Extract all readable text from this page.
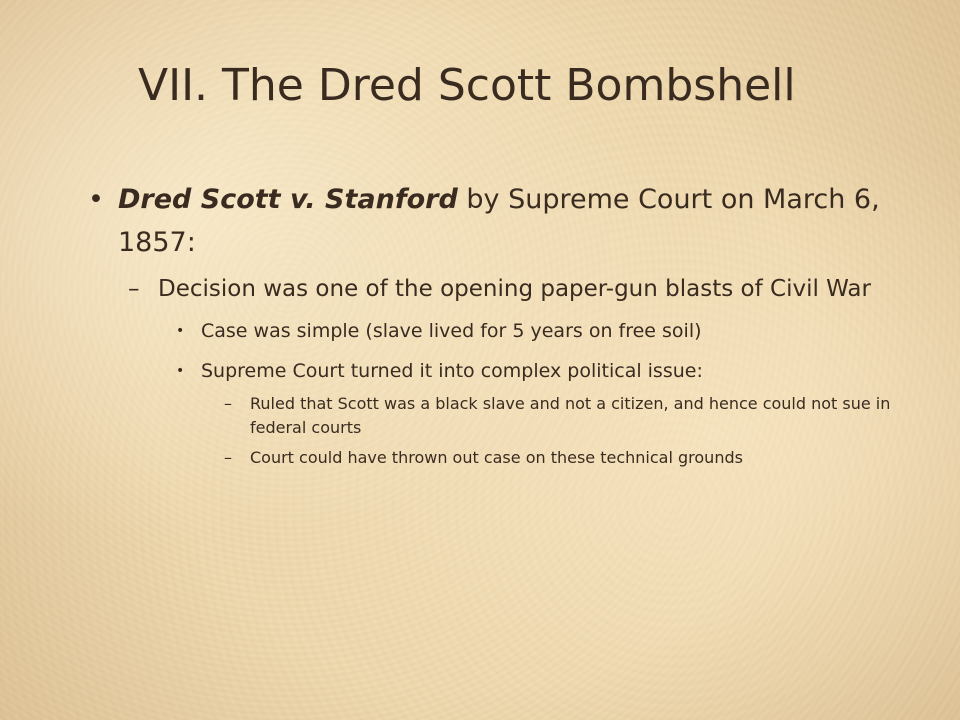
VII. The Dred Scott Bombshell
• Dred Scott v. Stanford by Supreme Court on March 6, 1857:
– Decision was one of the opening paper-gun blasts of Civil War
• Case was simple (slave lived for 5 years on free soil)
• Supreme Court turned it into complex political issue:
– Ruled that Scott was a black slave and not a citizen, and hence could not sue in federal courts
– Court could have thrown out case on these technical grounds
